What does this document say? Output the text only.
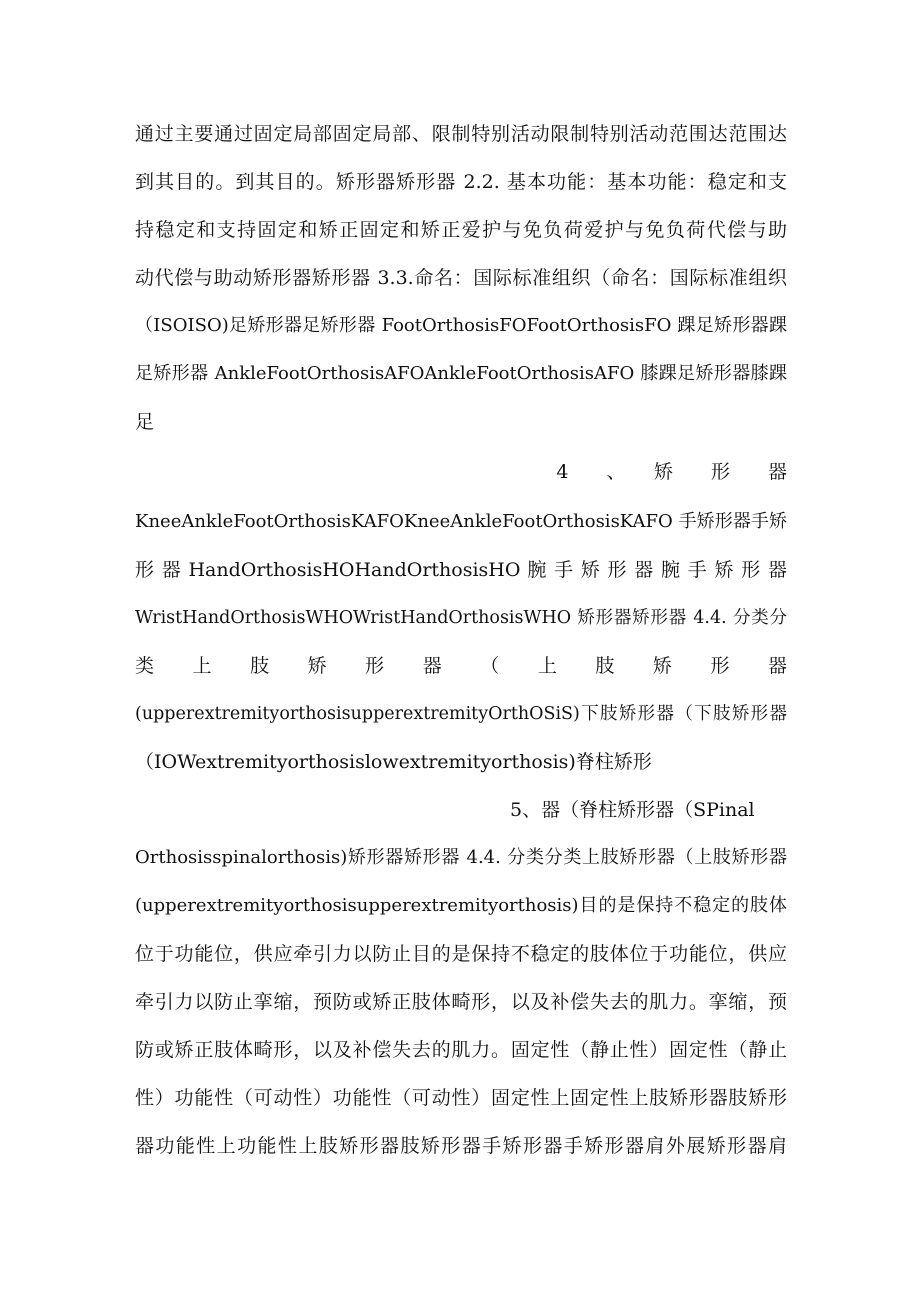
通过主要通过固定局部固定局部、限制特别活动限制特别活动范围达范围达
到其目的。到其目的。矫形器矫形器 2.2. 基本功能：基本功能：稳定和支
持稳定和支持固定和矫正固定和矫正爱护与免负荷爱护与免负荷代偿与助
动代偿与助动矫形器矫形器 3.3.命名：国际标准组织（命名：国际标准组织
（ISOISO)足矫形器足矫形器 FootOrthosisFOFootOrthosisFO 踝足矫形器踝
足矫形器 AnkleFootOrthosisAFOAnkleFootOrthosisAFO 膝踝足矫形器膝踝
足
4　　、　　矫　　形　　器
KneeAnkleFootOrthosisKAFOKneeAnkleFootOrthosisKAFO 手矫形器手矫
形 器 HandOrthosisHOHandOrthosisHO 腕 手 矫 形 器 腕 手 矫 形 器
WristHandOrthosisWHOWristHandOrthosisWHO 矫形器矫形器 4.4. 分类分
类 上 肢 矫 形 器 （ 上 肢 矫 形 器
(upperextremityorthosisupperextremityOrthOSiS)下肢矫形器（下肢矫形器
（IOWextremityorthosislowextremityorthosis)脊柱矫形
5、器（脊柱矫形器（SPinal
Orthosisspinalorthosis)矫形器矫形器 4.4. 分类分类上肢矫形器（上肢矫形器
(upperextremityorthosisupperextremityorthosis)目的是保持不稳定的肢体
位于功能位，供应牵引力以防止目的是保持不稳定的肢体位于功能位，供应
牵引力以防止挛缩，预防或矫正肢体畸形，以及补偿失去的肌力。挛缩，预
防或矫正肢体畸形，以及补偿失去的肌力。固定性（静止性）固定性（静止
性）功能性（可动性）功能性（可动性）固定性上固定性上肢矫形器肢矫形
器功能性上功能性上肢矫形器肢矫形器手矫形器手矫形器肩外展矫形器肩
